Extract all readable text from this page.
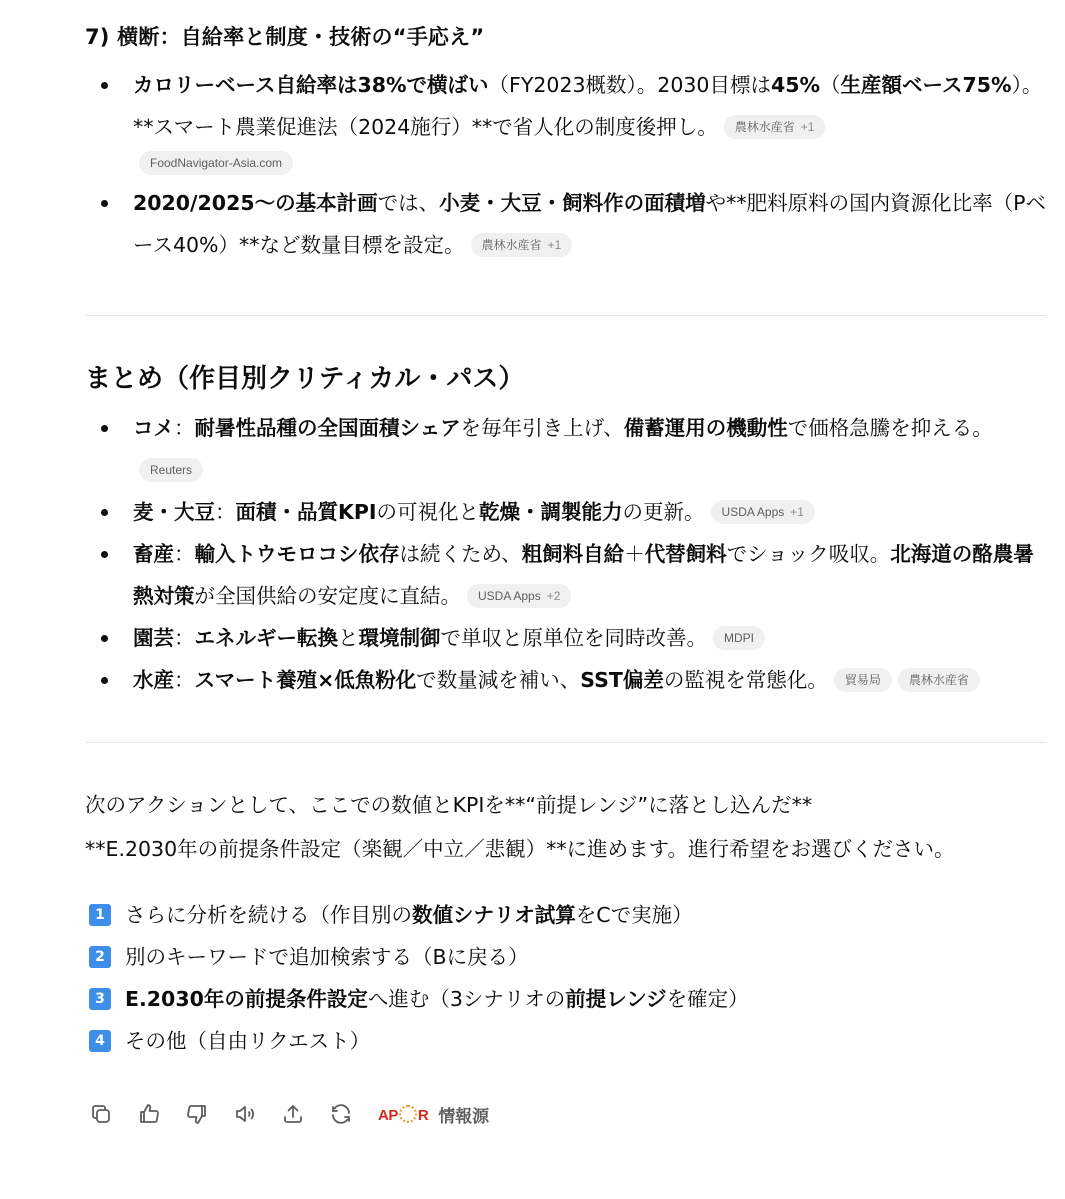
7) 横断：自給率と制度・技術の“手応え”
カロリーベース自給率は38%で横ばい（FY2023概数）。2030目標は45%（生産額ベース75%）。**スマート農業促進法（2024施行）**で省人化の制度後押し。 農林水産省 +1
FoodNavigator-Asia.com
2020/2025〜の基本計画では、小麦・大豆・飼料作の面積増や**肥料原料の国内資源化比率（Pベース40%）**など数量目標を設定。 農林水産省 +1
まとめ（作目別クリティカル・パス）
コメ：耐暑性品種の全国面積シェアを毎年引き上げ、備蓄運用の機動性で価格急騰を抑える。Reuters
麦・大豆：面積・品質KPIの可視化と乾燥・調製能力の更新。 USDA Apps +1
畜産：輸入トウモロコシ依存は続くため、粗飼料自給＋代替飼料でショック吸収。北海道の酪農暑熱対策が全国供給の安定度に直結。 USDA Apps +2
園芸：エネルギー転換と環境制御で単収と原単位を同時改善。 MDPI
水産：スマート養殖×低魚粉化で数量減を補い、SST偏差の監視を常態化。 貿易局 農林水産省
次のアクションとして、ここでの数値とKPIを**“前提レンジ”に落とし込んだ**
**E.2030年の前提条件設定（楽観／中立／悲観）**に進めます。進行希望をお選びください。
1 さらに分析を続ける（作目別の数値シナリオ試算をCで実施）
2 別のキーワードで追加検索する（Bに戻る）
3 E.2030年の前提条件設定へ進む（3シナリオの前提レンジを確定）
4 その他（自由リクエスト）
AP R 情報源
